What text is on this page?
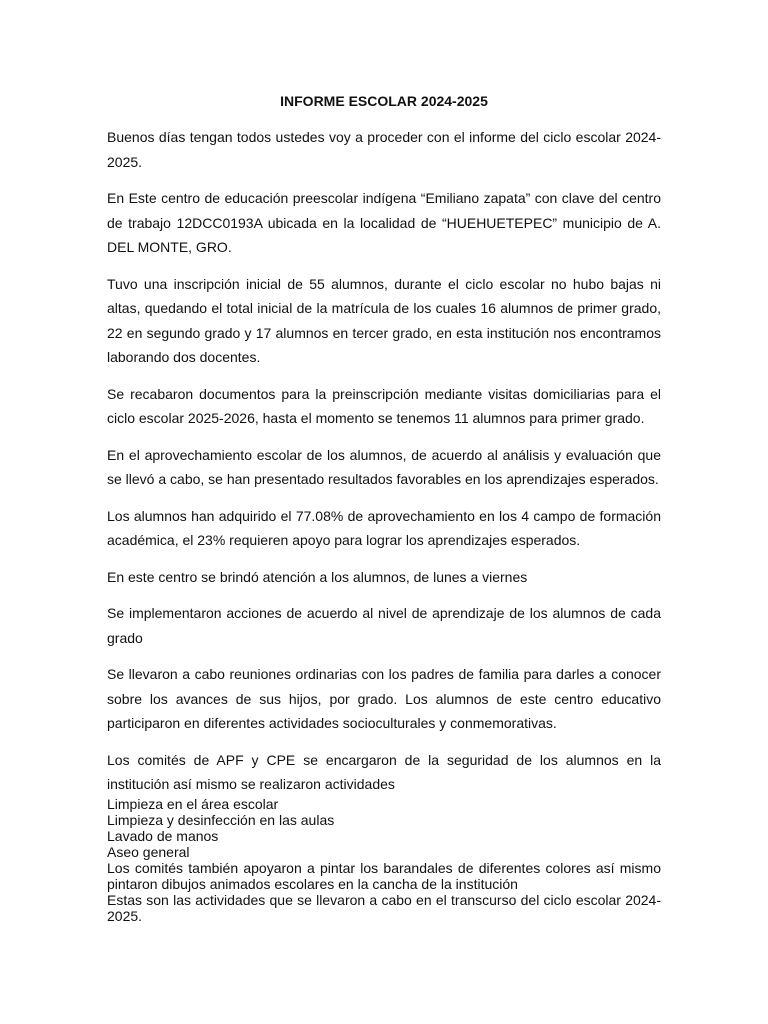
INFORME ESCOLAR 2024-2025

Buenos días tengan todos ustedes voy a proceder con el informe del ciclo escolar 2024-2025.

En Este centro de educación preescolar indígena “Emiliano zapata” con clave del centro de trabajo 12DCC0193A ubicada en la localidad de “HUEHUETEPEC” municipio de A. DEL MONTE, GRO.

Tuvo una inscripción inicial de 55 alumnos, durante el ciclo escolar no hubo bajas ni altas, quedando el total inicial de la matrícula de los cuales 16 alumnos de primer grado, 22 en segundo grado y 17 alumnos en tercer grado, en esta institución nos encontramos laborando dos docentes.

Se recabaron documentos para la preinscripción mediante visitas domiciliarias para el ciclo escolar 2025-2026, hasta el momento se tenemos 11 alumnos para primer grado.

En el aprovechamiento escolar de los alumnos, de acuerdo al análisis y evaluación que se llevó a cabo, se han presentado resultados favorables en los aprendizajes esperados.

Los alumnos han adquirido el 77.08% de aprovechamiento en los 4 campo de formación académica, el 23% requieren apoyo para lograr los aprendizajes esperados.

En este centro se brindó atención a los alumnos, de lunes a viernes

Se implementaron acciones de acuerdo al nivel de aprendizaje de los alumnos de cada grado

Se llevaron a cabo reuniones ordinarias con los padres de familia para darles a conocer sobre los avances de sus hijos, por grado. Los alumnos de este centro educativo participaron en diferentes actividades socioculturales y conmemorativas.

Los comités de APF y CPE se encargaron de la seguridad de los alumnos en la institución así mismo se realizaron actividades

Limpieza en el área escolar

Limpieza y desinfección en las aulas

Lavado de manos

Aseo general

Los comités también apoyaron a pintar los barandales de diferentes colores así mismo pintaron dibujos animados escolares en la cancha de la institución

Estas son las actividades que se llevaron a cabo en el transcurso del ciclo escolar 2024-2025.
